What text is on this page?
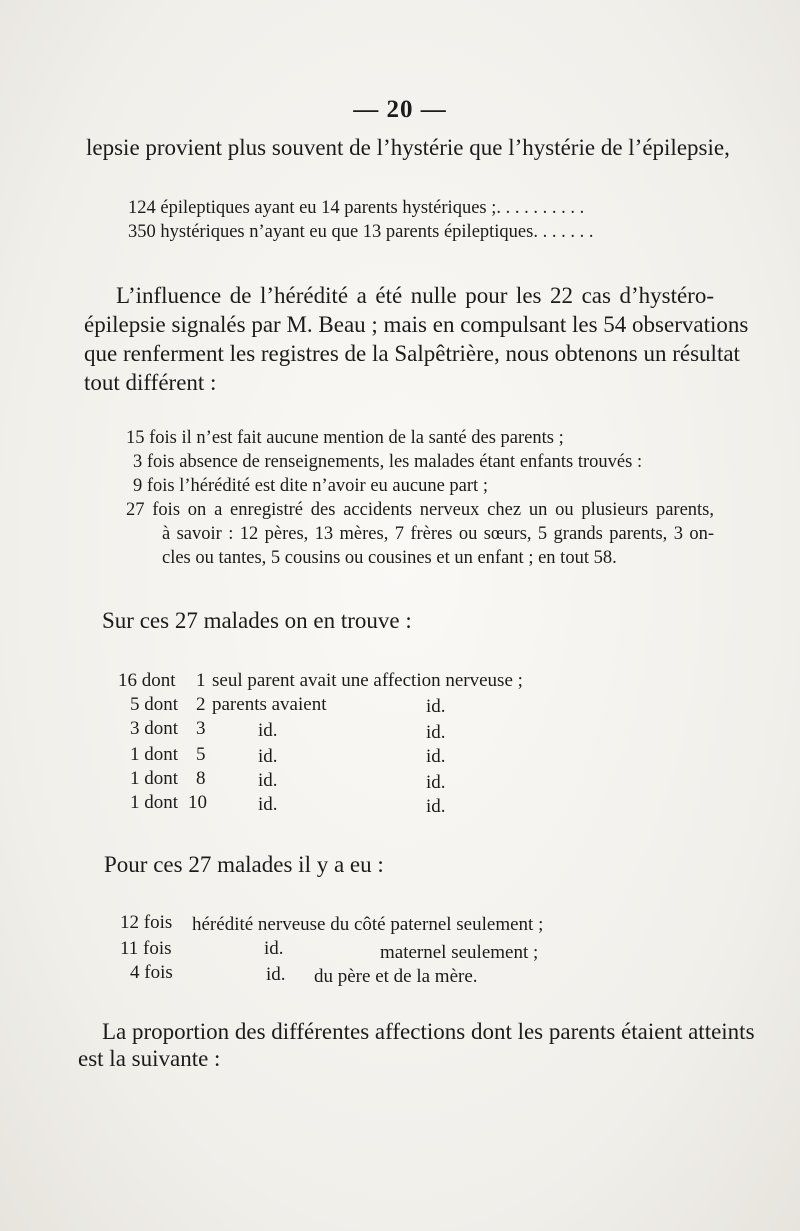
— 20 —
lepsie provient plus souvent de l’hystérie que l’hystérie de l’épilepsie,
124 épileptiques ayant eu 14 parents hystériques ;. . . . . . . . . .
350 hystériques n’ayant eu que 13 parents épileptiques. . . . . . .
L’influence de l’hérédité a été nulle pour les 22 cas d’hystéro-
épilepsie signalés par M. Beau ; mais en compulsant les 54 observations
que renferment les registres de la Salpêtrière, nous obtenons un résultat
tout différent :
15 fois il n’est fait aucune mention de la santé des parents ;
3 fois absence de renseignements, les malades étant enfants trouvés :
9 fois l’hérédité est dite n’avoir eu aucune part ;
27 fois on a enregistré des accidents nerveux chez un ou plusieurs parents,
à savoir : 12 pères, 13 mères, 7 frères ou sœurs, 5 grands parents, 3 on-
cles ou tantes, 5 cousins ou cousines et un enfant ; en tout 58.
Sur ces 27 malades on en trouve :
16 dont 1 seul parent avait une affection nerveuse ;
5 dont 2 parents avaient	id.
3 dont 3	id.	id.
1 dont 5	id.	id.
1 dont 8	id.	id.
1 dont 10	id.	id.
Pour ces 27 malades il y a eu :
12 fois hérédité nerveuse du côté paternel seulement ;
11 fois	id.	maternel seulement ;
4 fois	id. du père et de la mère.
La proportion des différentes affections dont les parents étaient atteints
est la suivante :
